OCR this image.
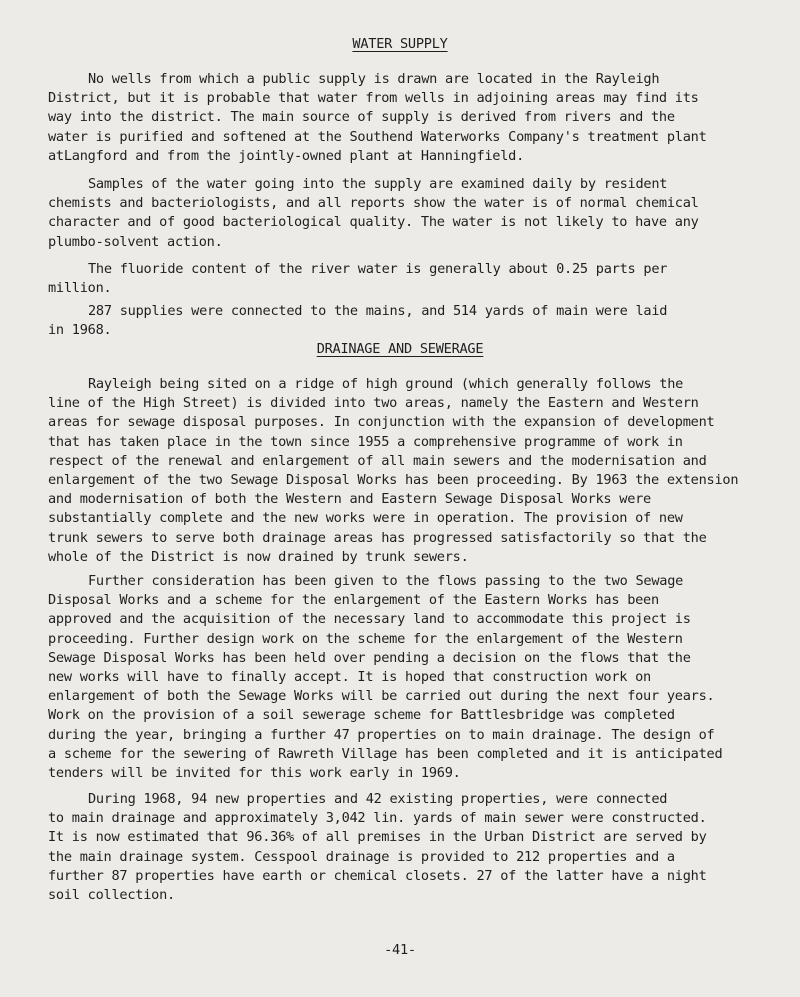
WATER SUPPLY

No wells from which a public supply is drawn are located in the Rayleigh
District, but it is probable that water from wells in adjoining areas may find its
way into the district. The main source of supply is derived from rivers and the
water is purified and softened at the Southend Waterworks Company's treatment plant
atLangford and from the jointly-owned plant at Hanningfield.

Samples of the water going into the supply are examined daily by resident
chemists and bacteriologists, and all reports show the water is of normal chemical
character and of good bacteriological quality. The water is not likely to have any
plumbo-solvent action.

The fluoride content of the river water is generally about 0.25 parts per
million.

287 supplies were connected to the mains, and 514 yards of main were laid
in 1968.

DRAINAGE AND SEWERAGE

Rayleigh being sited on a ridge of high ground (which generally follows the
line of the High Street) is divided into two areas, namely the Eastern and Western
areas for sewage disposal purposes. In conjunction with the expansion of development
that has taken place in the town since 1955 a comprehensive programme of work in
respect of the renewal and enlargement of all main sewers and the modernisation and
enlargement of the two Sewage Disposal Works has been proceeding. By 1963 the extension
and modernisation of both the Western and Eastern Sewage Disposal Works were
substantially complete and the new works were in operation. The provision of new
trunk sewers to serve both drainage areas has progressed satisfactorily so that the
whole of the District is now drained by trunk sewers.

Further consideration has been given to the flows passing to the two Sewage
Disposal Works and a scheme for the enlargement of the Eastern Works has been
approved and the acquisition of the necessary land to accommodate this project is
proceeding. Further design work on the scheme for the enlargement of the Western
Sewage Disposal Works has been held over pending a decision on the flows that the
new works will have to finally accept. It is hoped that construction work on
enlargement of both the Sewage Works will be carried out during the next four years.
Work on the provision of a soil sewerage scheme for Battlesbridge was completed
during the year, bringing a further 47 properties on to main drainage. The design of
a scheme for the sewering of Rawreth Village has been completed and it is anticipated
tenders will be invited for this work early in 1969.

During 1968, 94 new properties and 42 existing properties, were connected
to main drainage and approximately 3,042 lin. yards of main sewer were constructed.
It is now estimated that 96.36% of all premises in the Urban District are served by
the main drainage system. Cesspool drainage is provided to 212 properties and a
further 87 properties have earth or chemical closets. 27 of the latter have a night
soil collection.

-41-
